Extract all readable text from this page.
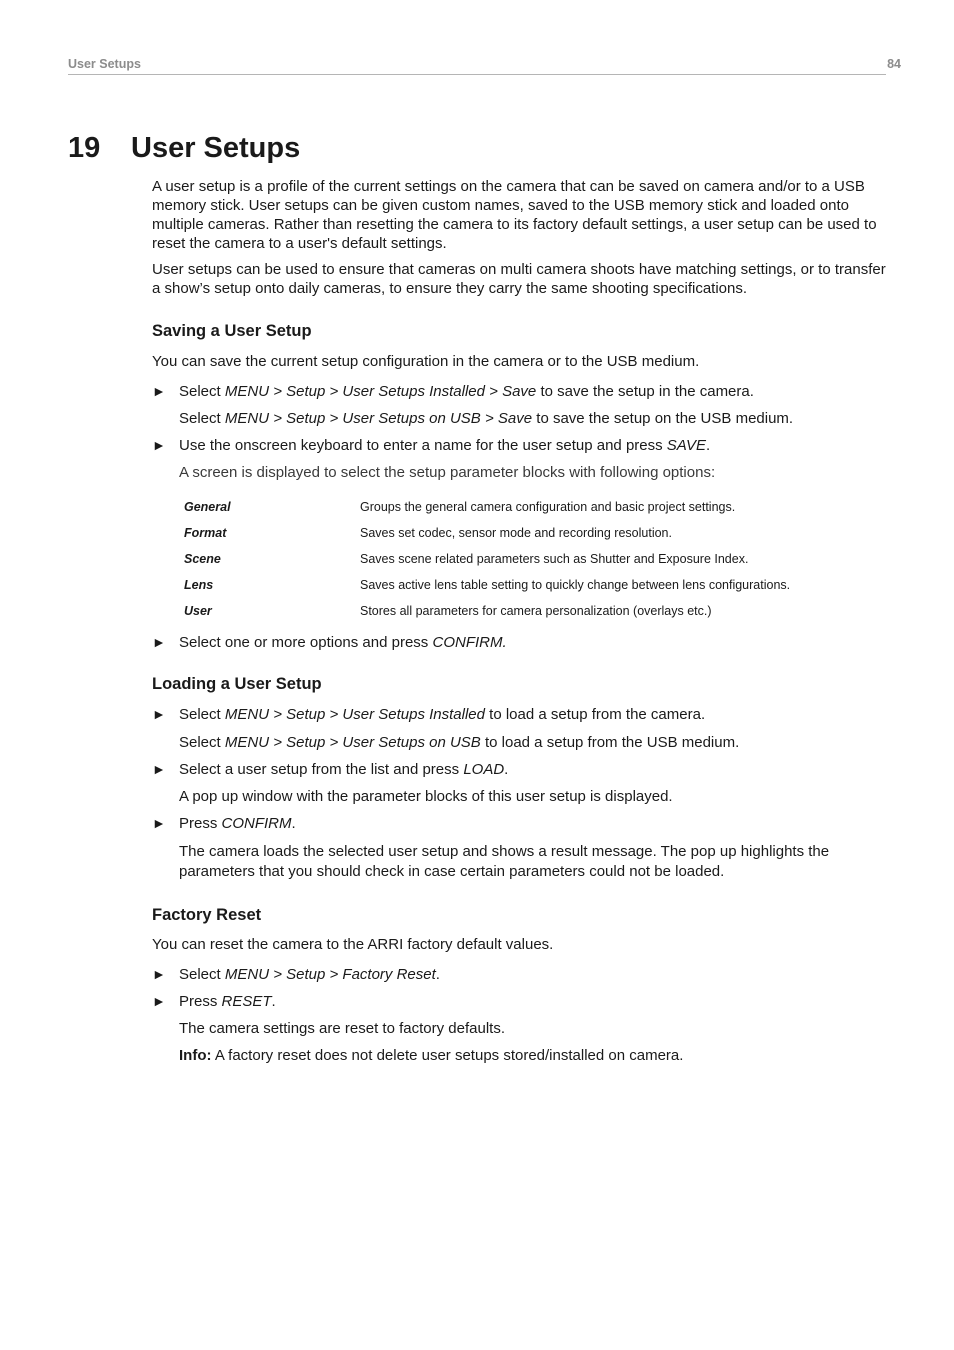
User Setups	84
19 User Setups

A user setup is a profile of the current settings on the camera that can be saved on camera and/or to a USB memory stick. User setups can be given custom names, saved to the USB memory stick and loaded onto multiple cameras. Rather than resetting the camera to its factory default settings, a user setup can be used to reset the camera to a user's default settings.

User setups can be used to ensure that cameras on multi camera shoots have matching settings, or to transfer a show’s setup onto daily cameras, to ensure they carry the same shooting specifications.

Saving a User Setup

You can save the current setup configuration in the camera or to the USB medium.

► Select MENU > Setup > User Setups Installed > Save to save the setup in the camera.
Select MENU > Setup > User Setups on USB > Save to save the setup on the USB medium.
► Use the onscreen keyboard to enter a name for the user setup and press SAVE.
A screen is displayed to select the setup parameter blocks with following options:
General	Groups the general camera configuration and basic project settings.
Format	Saves set codec, sensor mode and recording resolution.
Scene	Saves scene related parameters such as Shutter and Exposure Index.
Lens	Saves active lens table setting to quickly change between lens configurations.
User	Stores all parameters for camera personalization (overlays etc.)
► Select one or more options and press CONFIRM.
Loading a User Setup
► Select MENU > Setup > User Setups Installed to load a setup from the camera.
Select MENU > Setup > User Setups on USB to load a setup from the USB medium.
► Select a user setup from the list and press LOAD.
A pop up window with the parameter blocks of this user setup is displayed.
► Press CONFIRM.
The camera loads the selected user setup and shows a result message. The pop up highlights the parameters that you should check in case certain parameters could not be loaded.
Factory Reset

You can reset the camera to the ARRI factory default values.

► Select MENU > Setup > Factory Reset.
► Press RESET.
The camera settings are reset to factory defaults.
Info: A factory reset does not delete user setups stored/installed on camera.
